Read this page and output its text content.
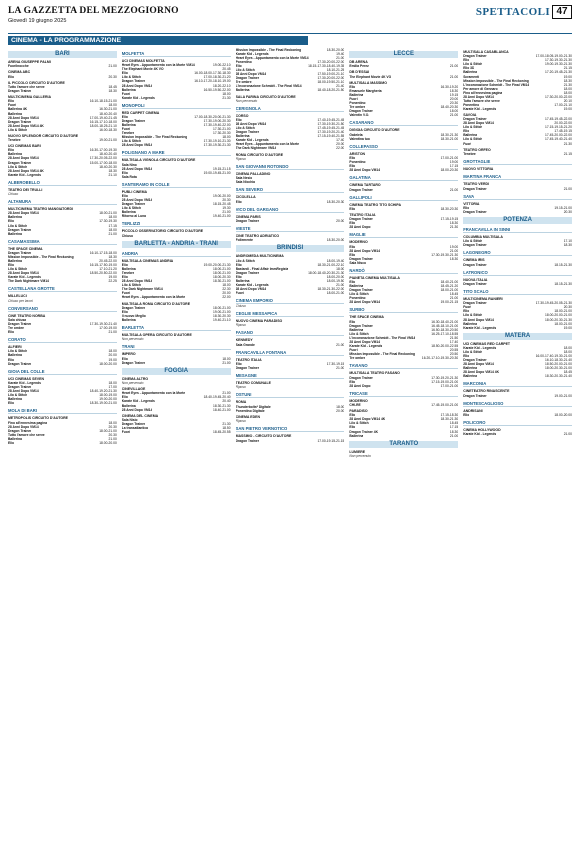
LA GAZZETTA DEL MEZZOGIORNO
Giovedì 19 giugno 2025
SPETTACOLI 47
CINEMA - LA PROGRAMMAZIONE
BARI
ARENA GIUSEPPE PALMI
Fuorilnocche	21.00
CINEMA ABC
Elio	20.30
IL PICCOLO CIRCUITO D'AUTORE
Tutto l'amore che serve	18.45
Dragon Trainer	18.30
MULTICINEMA GALLERIA
Elio	16.10-18.15-21.00
Fuori	18.00
Ballerina 4K	16.30-21.00
Ballerina	18.40-20.40
28 Anni Dopo VM14	17.00-19.40-21.45
Dragon Trainer	16.15-17.10-18.00
28 Anni Dopo VM14 4K	18.00-18.25-21.10
Lilo & Stitch	16.00-18.30
NUOVO SPLENDOR CIRCUITO D'AUTORE
Tenebre	19.00-21.00
UCI CINEMAS BARI
Elio	16.30-17.00-19.30
Ballerina	18.40-20.40
28 Anni Dopo VM14	17.30-20.05-22.00
Dragon Trainer	15.00-17.00-18.00
Lilo & Stitch	18.40-20.30
28 Anni Dopo VM14 4K	18.30
Karate Kid - Legends	21.10
ALBEROBELLO
TEATRO DEI TRULLI
Chiuso
ALTAMURA
MULTICINEMA TEATRO MANGIATORDI
28 Anni Dopo VM14	18.00-21.00
Ballerina	18.00
Elio	17.30-19.30
Lilo & Stitch	17.15
Dragon Trainer	18.00
Ballerina	21.00
CASAMASSIMA
THE SPACE CINEMA
Dragon Trainer	16.10-17.15-18.00
Mission Impossible - The Final Reckoning	18.30
Ballerina	20.45-22.00
Elio	16.15-17.50-19.00
Lilo & Stitch	17.10-21.20
28 Anni Dopo VM14	18.50-20.50-22.00
Karate Kid - Legends	19.00
The Dark Nightmare VM14	22.25
CASTELLANA GROTTE
MILLELUCI
Chiuso per lavori
CONVERSANO
CINE TEATRO NORBA
Sala chiusa
Dragon Trainer	17.30-19.30-21.40
Tre ombre	17.00-19.00
Elio	21.00
CORATO
ALFIERI
Lilo & Stitch	18.00
Ballerina	20.00
Elio	19.00
Dragon Trainer	18.00-20.00
GIOIA DEL COLLE
UCI CINEMAS SEVEN
Karate Kid - Legends	18.00
Dragon Trainer	17.00
28 Anni Dopo VM14	18.40-19.20-21.30
Lilo & Stitch	18.00-19.00
Ballerina	19.00-20.00
Elio	18.30-19.00-21.00
MOLA DI BARI
METROPOLIS CIRCUITO D'AUTORE
Fino all'ennesima pagina	18.00
28 Anni Dopo VM14	20.30
Dragon Trainer	18.00-21.00
Tutto l'amore che serve	20.30
Ballerina	21.00
Elio	18.00-20.00
MOLFETTA
UCI CINEMAS MOLFETTA
Heart Eyes - Appuntamento con la Morte VM14	19.00-22.10
The Elephant Movie 4K VO	20.45
Elio	16.00-18.00-17.30-18.30
Lilo & Stitch	17.00-18.30-21.20
Dragon Trainer	16.10-17.20-18.10-19.00
28 Anni Dopo VM14	18.20-22.10
Ballerina	16.50-19.50-22.00
Fuori	18.00
Karate Kid - Legends	21.30
MONOPOLI
RED CARPET CINEMA
Elio	17.00-18.30-20.00-21.30
Dragon Trainer	17.30-19.00-20.30
Ballerina	17.30-19.40-22.00
Fuori	17.30-21.00
Tenebre	17.30-20.30
Mission Impossible - The Final Reckoning	18.00
Lilo & Stitch	17.30-19.10-21.30
28 Anni Dopo VM14	17.30-19.30-21.30
POLIGNANO A MARE
MULTISALA VIGNOLA CIRCUITO D'AUTORE
Sala Nino
28 Anni Dopo VM14	19.15-21.15
Elio	19.00-19.45-21.00
Sala Rota
SANTERAMO IN COLLE
PUBLI CINEMA
Elio	19.00-20.00
28 Anni Dopo VM14	20.30
Dragon Trainer	18.15-20.45
Lilo & Stitch	19.30
Ballerina	21.00
Ritorno al Luna	19.40-21.00
TERLIZZI
PICCOLO OSSERVATORIO CIRCUITO D'AUTORE
Chiuso
BARLETTA - ANDRIA - TRANI
ANDRIA
MULTISALA CINEMAS ANDRIA
Elio	19.00-20.00-21.30
Ballerina	18.00-21.00
Tenebre	18.00-21.00
Elio	18.00-20.30
28 Anni Dopo VM14	18.30-21.00
Lilo & Stitch	18.00
The Dark Nightmare VM14	22.30
Fuori	20.00
Heart Eyes - Appuntamento con la Morte	22.00
MULTISALA ROMA CIRCUITO D'AUTORE
Dragon Trainer	18.00-21.00
Elio	19.00-21.00
Il nuovo Meglio	18.30-20.30
Ballerina	19.40-21.10
BARLETTA
MULTISALA OPERA CIRCUITO D'AUTORE
Non pervenuto
TRANI
IMPERO
Elio	18.00
Dragon Trainer	21.00
FOGGIA
CINEMA ALTRO
Non pervenuto
CINEVILLAGE
Heart Eyes - Appuntamento con la Morte	21.00
Elio	18.40-19.45-20.40
Karate Kid - Legends	20.40
Ballerina	18.30-21.30
28 Anni Dopo VM14	18.40-21.00
CINEMA DEL CINEMA
Sala Nisio
Dragon Trainer	21.30
La transatlantica	18.50
Fuori	18.45-20.55
Mission Impossible - The Final Reckoning	18.30-20.00
Karate Kid - Legends	19.40
Heart Eyes - Appuntamento con la Morte VM14	21.00
Ponentino	17.30-20.00-22.00
Elio	18.15-17.30-18.40-19.35
Lilo & Stitch	18.10-21.25
28 Anni Dopo VM14	17.50-19.00-21.10
Dragon Trainer	17.30-20.00-22.00
Tre ombre	18.00-19.50-21.10
L'incoronazione Schmidt - The Final VM14	21.40
Ballerina	18.40-18.20-21.50
SALA FARINA CIRCUITO D'AUTORE
Non pervenuto
CERIGNOLA
CORSO
Elio	17.40-19.45-21.45
28 Anni Dopo VM14	17.30-19.30-21.50
Lilo & Stitch	17.45-19.45-21.45
Dragon Trainer	17.30-19.20-21.40
Ballerina	17.15-19.40-21.55
Karate Kid - Legends	17.40
Heart Eyes - Appuntamento con la Morte	20.00
The Dark Nightmare VM14	22.00
ROMA CIRCUITO D'AUTORE
Riposo
SAN GIOVANNI ROTONDO
CINEMA PALLADINO
Sala Nesio
Sala Nicchia
SAN SEVERO
CICOLELLA
Elio	18.30-20.30
VICO DEL GARGANO
CINEMA PARIS
Dragon Trainer	20.00
VIESTE
CINE TEATRO ADRIATICO
Follemente	18.30-20.00
BRINDISI
ANDROMEDA MULTICINEMA
Lilo & Stitch	18.00-19.40
Elio	18.30-21.00-22.10
Bastardi - Final Affair ImmRegista	18.00
Dragon Trainer	18.00-18.40-20.30-21.30
Elio	18.00-20.00
Ballerina	18.00-19.50
Karate Kid - Legends	21.00
28 Anni Dopo VM14	18.30-21.30-22.00
Fuori	18.00-21.00
CINEMA EMPORIO
Chiuso
CEGLIE MESSAPICA
NUOVO CINEMA PARADISO
Riposo
FASANO
KENNEDY
Sala Grande	21.00
FRANCAVILLA FONTANA
TEATRO ITALIA
Elio	17.30-19.15
Dragon Trainer	21.00
MESAGNE
TEATRO COMUNALE
Riposo
OSTUNI
ROMA
Thunderbolts* Digitale	18.00
Ponentino Digitale	20.00
CINEMA EDEN
Riposo
SAN PIETRO VERNOTICO
MASSIMO - CIRCUITO D'AUTORE
Dragon Trainer	17.00-19.15-21.15
LECCE
DB ARENA
Emilia Perez	21.00
DB D'ESSAI
The Elephant Movie 4K VO	21.00
MULTISALA MASSIMO
Elio	16.30-19.20
Emanuele Margheria	18.30
Ballerina	19.15
Fuori	20.00
Ponentino	20.30
Tre ombre	18.40-20.30
Dragon Trainer	18.00
Valentin V.O.	21.00
CASARANO
DIGIOIA CIRCUITO D'AUTORE
Gabriela	18.30-21.30
Valentina tuo	18.30-21.00
COLLEPASSO
ARISTON
Elio	17.00-21.00
Ponentino	19.00
Elio	17.15
28 Anni Dopo VM14	18.00-20.30
GALATINA
CINEMA TARTARO
Dragon Trainer	21.00
GALLIPOLI
CINEMA TEATRO TITO SCHIPA
Elio	18.30-20.30
TEATRO ITALIA
Dragon Trainer	17.15-19.15
Elio	18.30
28 Anni Dopo	21.30
MAGLIE
MODERNO
Elio	19.00
28 Anni Dopo VM14	21.00
Elio	17.30-19.30-21.30
Dragon Trainer	18.30
Sala Nisco
NARDÒ
PIANETA CINEMA MULTISALA
Elio	18.40-21.00
Ballerina	18.45-21.20
Dragon Trainer	18.00-21.00
Lilo & Stitch	18.45
Ponentino	21.00
28 Anni Dopo VM14	19.00-21.15
SURBO
THE SPACE CINEMA
Elio	16.30-18.40-21.00
Dragon Trainer	16.45-18.10-21.00
Ballerina	16.50-18.30-20.50
Lilo & Stitch	16.25-17.10-18.55
L'incoronazione Schmidt - The Final VM14	21.50
28 Anni Dopo VM14	17.40
Karate Kid - Legends	18.50-20.00-22.55
Fuori	20.55
Mission Impossible - The Final Reckoning	20.50
Tre ombre	16.20-17.10-19.30-20.30
TAVIANO
MULTISALA TEATRO FASANO
Dragon Trainer	17.30-19.20-21.30
Elio	17.15-19.00-21.00
28 Anni Dopo	17.00-21.00
TRICASE
MODERNO
CHI-RE	17.45-19.00-21.00
PARADISO
Elio	17.15-18.30
28 Anni Dopo VM14 4K	18.30-21.30
Lilo & Stitch	18.45
Elio	17.15
Dragon Trainer 4K	18.30
Ballerina	21.00
TARANTO
LUMIERE
Non pervenuto
MULTISALA CASABLANCA
Dragon Trainer	17.00-18.05-19.00-21.30
Elio	17.30-19.30-21.30
Lilo & Stitch	19.00-19.30-21.30
Elio 3D	21.15
Ballerina	17.20-19.45-21.30
Scramenti	19.00
Mission Impossible - The Final Reckoning	18.30
L'incoronazione Schmidt - The Final VM14	21.30
Per amore di Gennaro	18.00
Fino all'ennesima pagina	18.00
28 Anni Dopo VM14	17.30-20.00-22.00
Tutto l'amore che serve	20.10
Ponentino	17.00-21.10
Karate Kid - Legends	19.00
SAVOIA
Dragon Trainer	17.45-19.45-22.00
28 Anni Dopo VM14	20.00-22.00
Lilo & Stitch	17.15-19.15-21.20
Elio	17.45-19.15
Ballerina	17.45-20.00-22.00
Lilo & Stitch	17.45-19.40-21.40
Fuori	21.30
TEATRO ORFEO
Tenebre	21.15
GROTTAGLIE
NUOVO VITTORIA
MARTINA FRANCA
TEATRO VERDI
Dragon Trainer	21.00
SAVA
VITTORIA
Elio	19.15-21.00
Dragon Trainer	20.30
POTENZA
FRANCAVILLA IN SINNI
COLUMBIA MULTISALA
Lilo & Stitch	17.10
Dragon Trainer	18.30
LAGONEGRO
CINEMA IRIS
Dragon Trainer	18.15-21.30
LATRONICO
NUOVA ITALIA
Dragon Trainer	18.15-21.30
TITO SCALO
MULTICINEMA RANIERI
Dragon Trainer	17.30-19.45-20.05-21.30
Fuori	20.30
Elio	18.00-21.00
Lilo & Stitch	18.00-20.00-21.00
28 Anni Dopo VM14	18.00-20.30-21.30
Ballerina	18.00-21.00
Karate Kid - Legends	19.00
MATERA
UCI CINEMAS RED CARPET
Karate Kid - Legends	18.00
Lilo & Stitch	18.00
Elio	16.00-17.40-19.30-21.00
Dragon Trainer	16.10-18.30-21.40
28 Anni Dopo VM14	18.50-20.00-21.00
Ballerina	18.00-20.30-21.00
28 Anni Dopo VM14 4K	18.45
Ballerina	18.30-20.30-21.40
MARCONIA
CINETEATRO RINASCENTE
Dragon Trainer	19.00-21.00
MONTESCAGLIOSO
ANDRISANI
Elio	18.00-20.00
POLICORO
CINEMA HOLLYWOOD
Karate Kid - Legends	21.00
